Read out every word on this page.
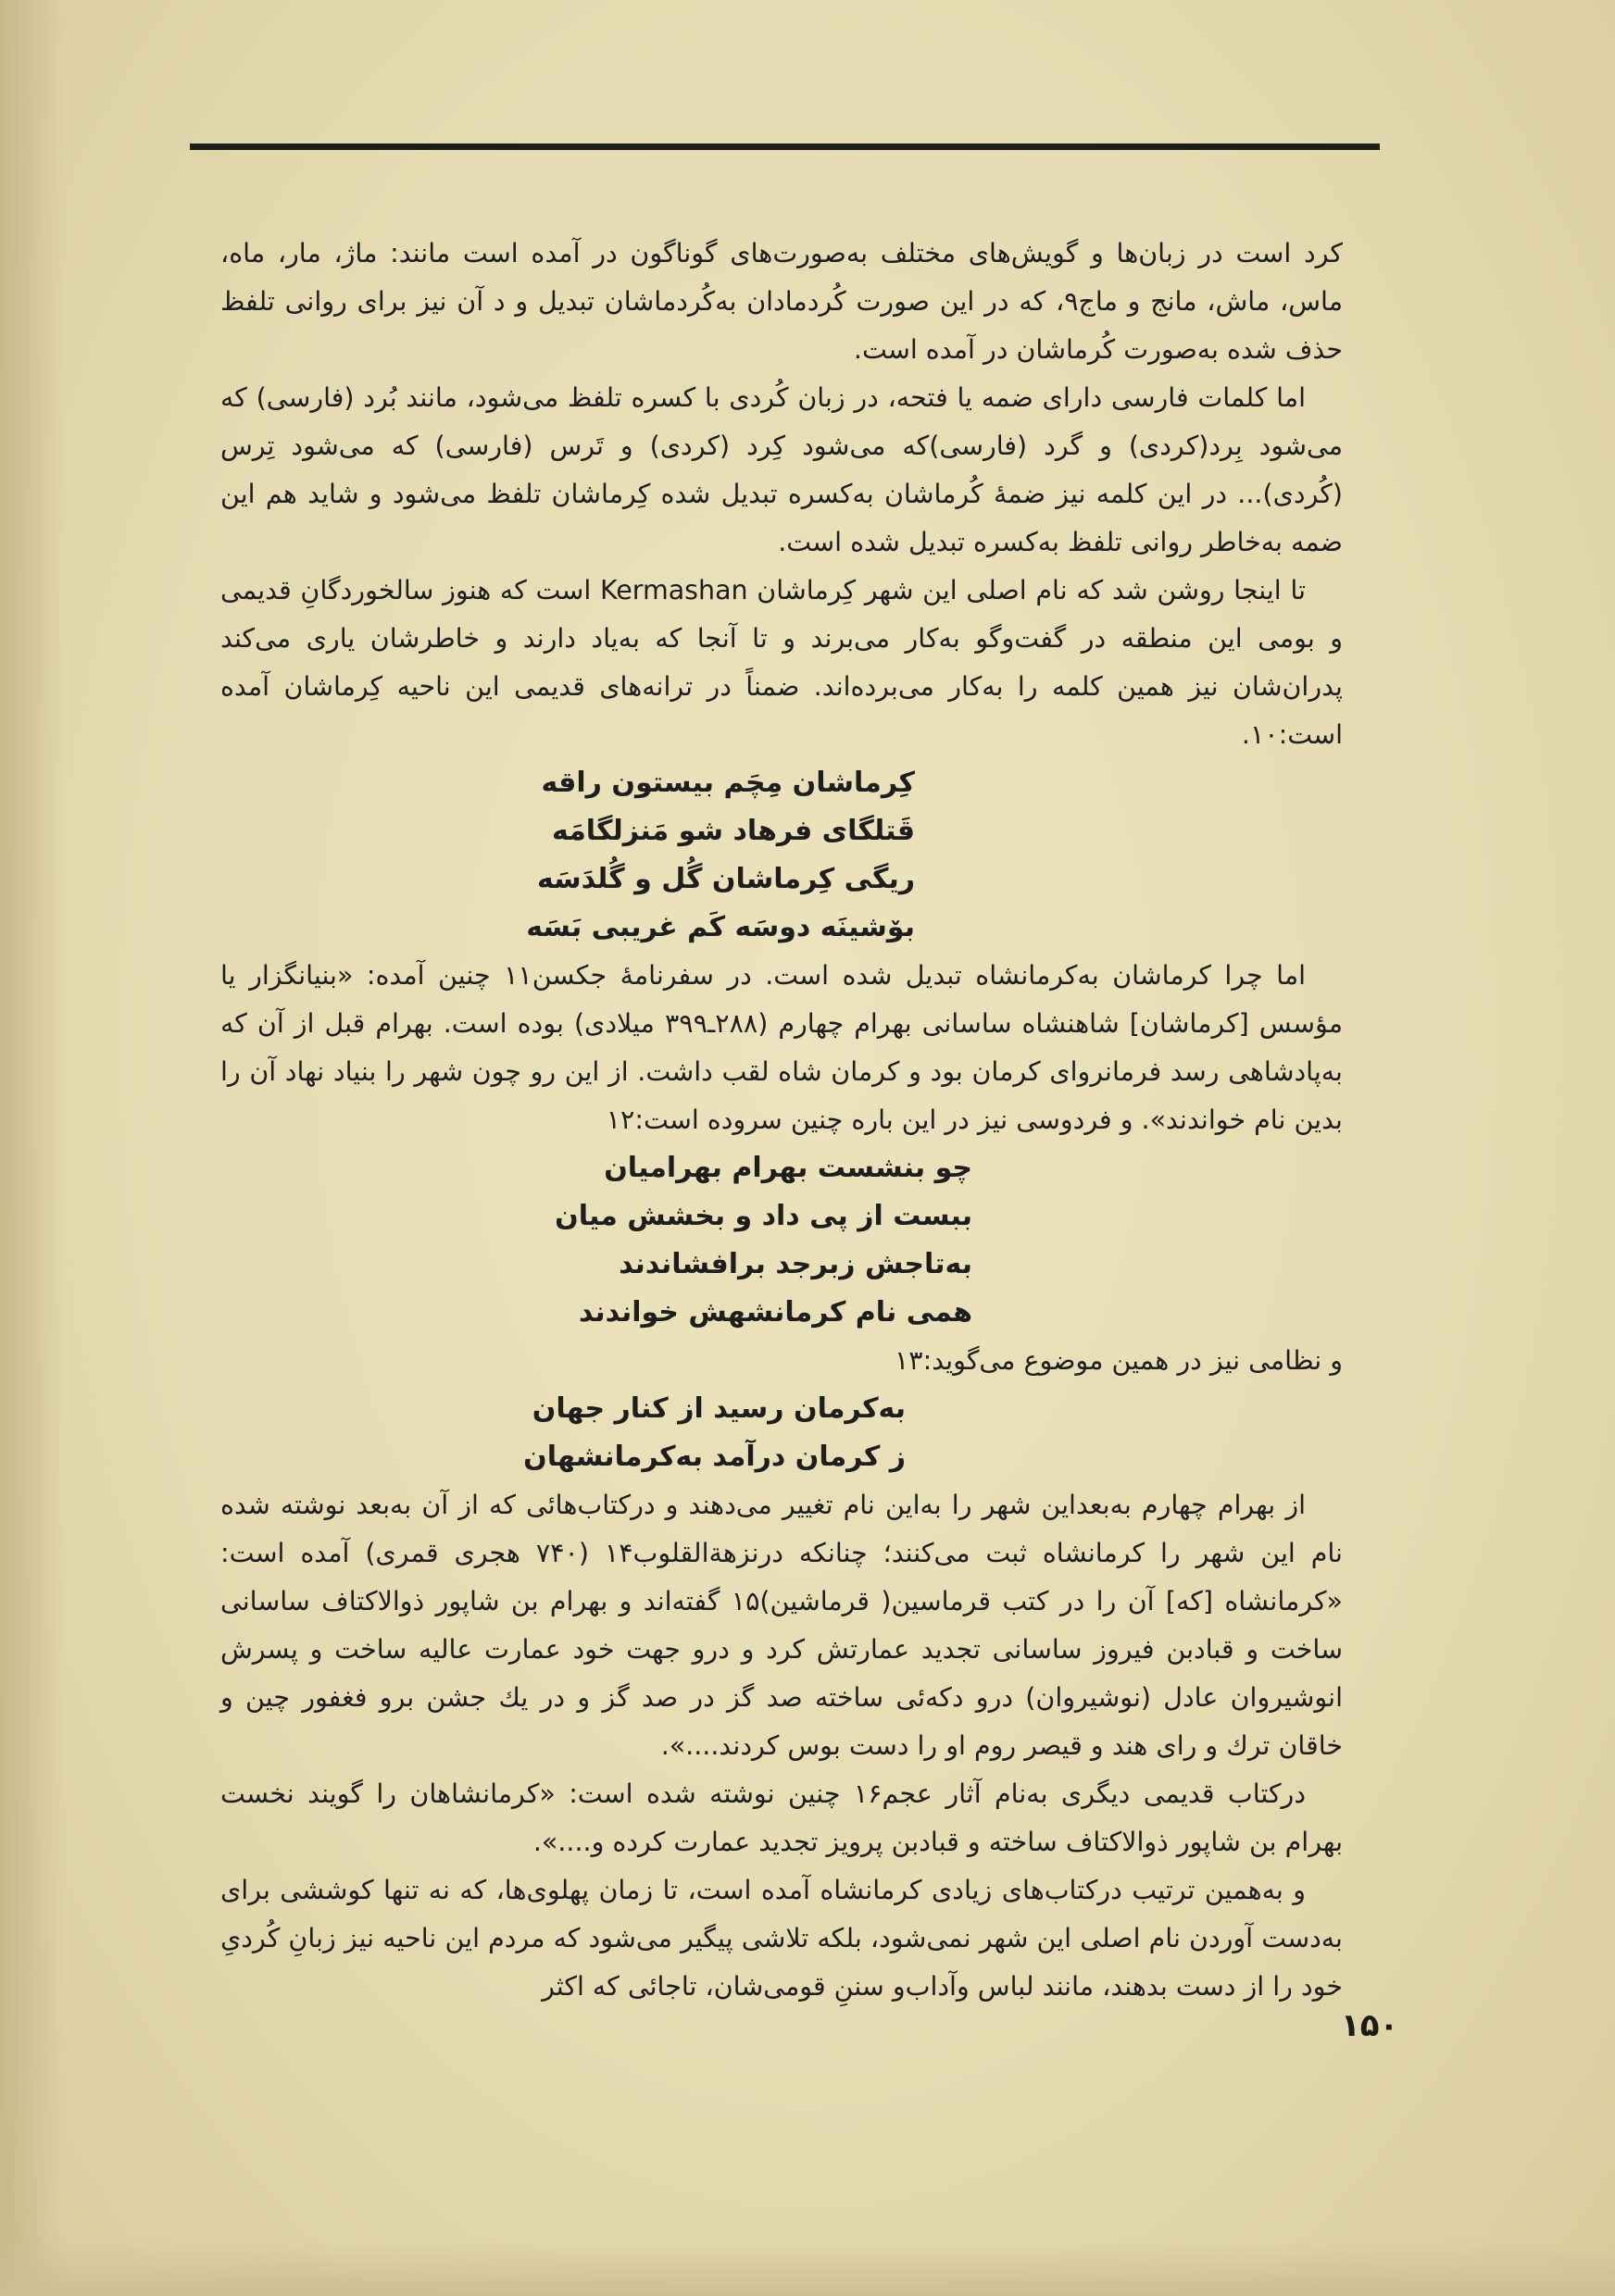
کرد است در زبان‌ها و گویش‌های مختلف به‌صورت‌های گوناگون در آمده است مانند: ماژ، مار، ماه، ماس، ماش، مانج و ماج۹، که در این صورت کُردمادان به‌کُردماشان تبدیل و د آن نیز برای روانی تلفظ حذف شده به‌صورت کُرماشان در آمده است.

اما کلمات فارسی دارای ضمه یا فتحه، در زبان کُردی با کسره تلفظ می‌شود، مانند بُرد (فارسی) که می‌شود بِرد(کردی) و گرد (فارسی)که می‌شود کِرد (کردی) و تَرس (فارسی) که می‌شود تِرس (کُردی)... در این کلمه نیز ضمهٔ کُرماشان به‌کسره تبدیل شده کِرماشان تلفظ می‌شود و شاید هم این ضمه به‌خاطر روانی تلفظ به‌کسره تبدیل شده است.

تا اینجا روشن شد که نام اصلی این شهر کِرماشان Kermashan است که هنوز سالخوردگانِ قدیمی و بومی این منطقه در گفت‌وگو به‌کار می‌برند و تا آنجا که به‌یاد دارند و خاطرشان یاری می‌کند پدران‌شان نیز همین کلمه را به‌کار می‌برده‌اند. ضمناً در ترانه‌های قدیمی این ناحیه کِرماشان آمده است:۱۰.

کِرماشان مِچَم بیستون راقه

قَتلگای فرهاد شو مَنزلگامَه

ریگی کِرماشان گُل و گُلدَسَه

بوٚشینَه دوسَه کَم غریبی بَسَه

اما چرا کرماشان به‌کرمانشاه تبدیل شده است. در سفرنامهٔ جکسن۱۱ چنین آمده: «بنیانگزار یا مؤسس [کرماشان] شاهنشاه ساسانی بهرام چهارم (۲۸۸ـ۳۹۹ میلادی) بوده است. بهرام قبل از آن که به‌پادشاهی رسد فرمانروای کرمان بود و کرمان شاه لقب داشت. از این رو چون شهر را بنیاد نهاد آن را بدین نام خواندند». و فردوسی نیز در این باره چنین سروده است:۱۲

چو بنشست بهرام بهرامیان

ببست از پی داد و بخشش میان

به‌تاجش زبرجد برافشاندند

همی نام کرمانشهش خواندند

و نظامی نیز در همین موضوع می‌گوید:۱۳

به‌کرمان رسید از کنار جهان

ز کرمان درآمد به‌کرمانشهان

از بهرام چهارم به‌بعد‌این شهر را به‌این نام تغییر می‌دهند و درکتاب‌هائی که از آن به‌بعد نوشته شده نام این شهر را کرمانشاه ثبت می‌کنند؛ چنانکه درنزهة‌القلوب۱۴ (۷۴۰ هجری قمری) آمده است: «کرمانشاه [که] آن را در کتب قرماسین( قرماشین)۱۵ گفته‌اند و بهرام بن شاپور ذوالاکتاف ساسانی ساخت و قبادبن فیروز ساسانی تجدید عمارتش کرد و درو جهت خود عمارت عالیه ساخت و پسرش انوشیروان عادل (نوشیروان) درو دکه‌ئی ساخته صد گز در صد گز و در یك جشن برو فغفور چین و خاقان ترك و رای هند و قیصر روم او را دست بوس کردند....».

درکتاب قدیمی دیگری به‌نام آثار عجم۱۶ چنین نوشته شده است: «کرمانشاهان را گویند نخست بهرام بن شاپور ذوالاکتاف ساخته و قبادبن پرویز تجدید عمارت کرده و....».

و به‌همین ترتیب درکتاب‌های زیادی کرمانشاه آمده است، تا زمان پهلوی‌ها، که نه تنها کوششی برای به‌دست آوردن نام اصلی این شهر نمی‌شود، بلکه تلاشی پیگیر می‌شود که مردم این ناحیه نیز زبانِ کُردیِ خود را از دست بدهند، مانند لباس وآداب‌و سننِ قومی‌شان، تاجائی که اکثر

۱۵۰
